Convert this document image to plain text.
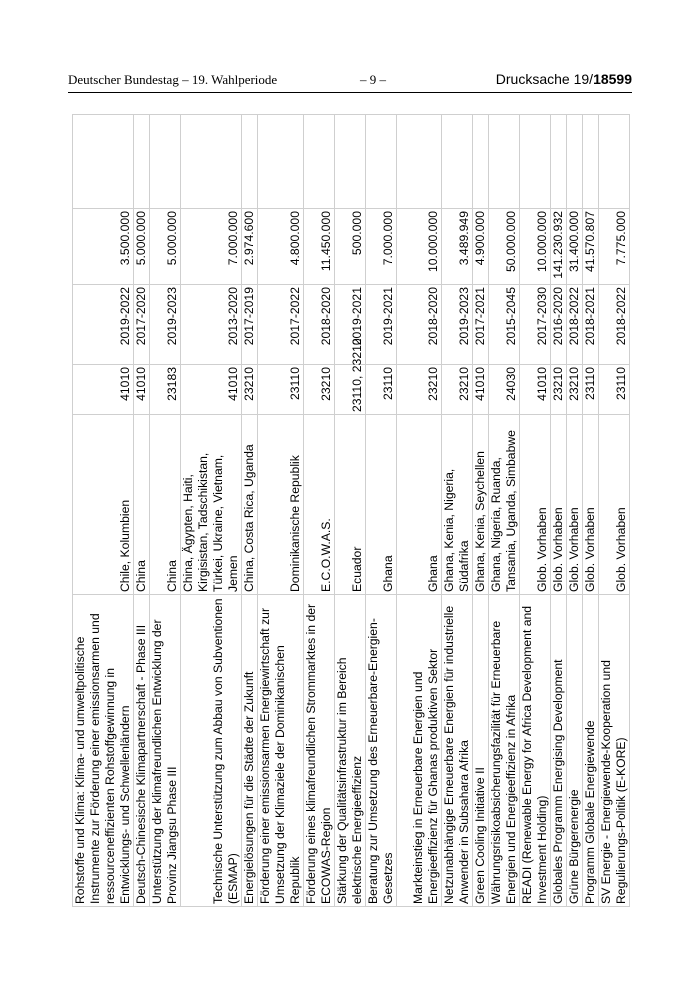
Deutscher Bundestag – 19. Wahlperiode	– 9 –	Drucksache 19/18599
Rohstoffe und Klima: Klima- und umweltpolitische Instrumente zur Förderung einer emissionsarmen und ressourceneffizienten Rohstoffgewinnung in Entwicklungs- und Schwellenländern	Chile, Kolumbien	41010	2019-2022	3.500.000	
Deutsch-Chinesische Klimapartnerschaft - Phase III	China	41010	2017-2020	5.000.000	
Unterstützung der klimafreundlichen Entwicklung der Provinz Jiangsu Phase III	China	23183	2019-2023	5.000.000	
Technische Unterstützung zum Abbau von Subventionen (ESMAP)	China, Ägypten, Haiti, Kirgisistan, Tadschikistan, Türkei, Ukraine, Vietnam, Jemen	41010	2013-2020	7.000.000	
Energielösungen für die Städte der Zukunft	China, Costa Rica, Uganda	23210	2017-2019	2.974.600	
Förderung einer emissionsarmen Energiewirtschaft zur Umsetzung der Klimaziele der Dominikanischen Republik	Dominikanische Republik	23110	2017-2022	4.800.000	
Förderung eines klimafreundlichen Strommarktes in der ECOWAS-Region	E.C.O.W.A.S.	23210	2018-2020	11.450.000	
Stärkung der Qualitätsinfrastruktur im Bereich elektrische Energieeffizienz	Ecuador	23110, 23210	2019-2021	500.000	
Beratung zur Umsetzung des Erneuerbare-Energien-Gesetzes	Ghana	23110	2019-2021	7.000.000	
Markteinstieg in Erneuerbare Energien und Energieeffizienz für Ghanas produktiven Sektor	Ghana	23210	2018-2020	10.000.000	
Netzunabhängige Erneuerbare Energien für industrielle Anwender in Subsahara Afrika	Ghana, Kenia, Nigeria, Südafrika	23210	2019-2023	3.489.949	
Green Cooling Initiative II	Ghana, Kenia, Seychellen	41010	2017-2021	4.900.000	
Währungsrisikoabsicherungsfazilität für Erneuerbare Energien und Energieeffizienz in Afrika	Ghana, Nigeria, Ruanda, Tansania, Uganda, Simbabwe	24030	2015-2045	50.000.000	
READI (Renewable Energy for Africa Development and Investment Holding)	Glob. Vorhaben	41010	2017-2030	10.000.000	
Globales Programm Energising Development	Glob. Vorhaben	23210	2016-2020	141.230.932	
Grüne Bürgerenergie	Glob. Vorhaben	23210	2018-2022	31.400.000	
Programm Globale Energiewende	Glob. Vorhaben	23110	2018-2021	41.570.807	
SV Energie - Energiewende-Kooperation und Regulierungs-Politik (E-KORE)	Glob. Vorhaben	23110	2018-2022	7.775.000	
